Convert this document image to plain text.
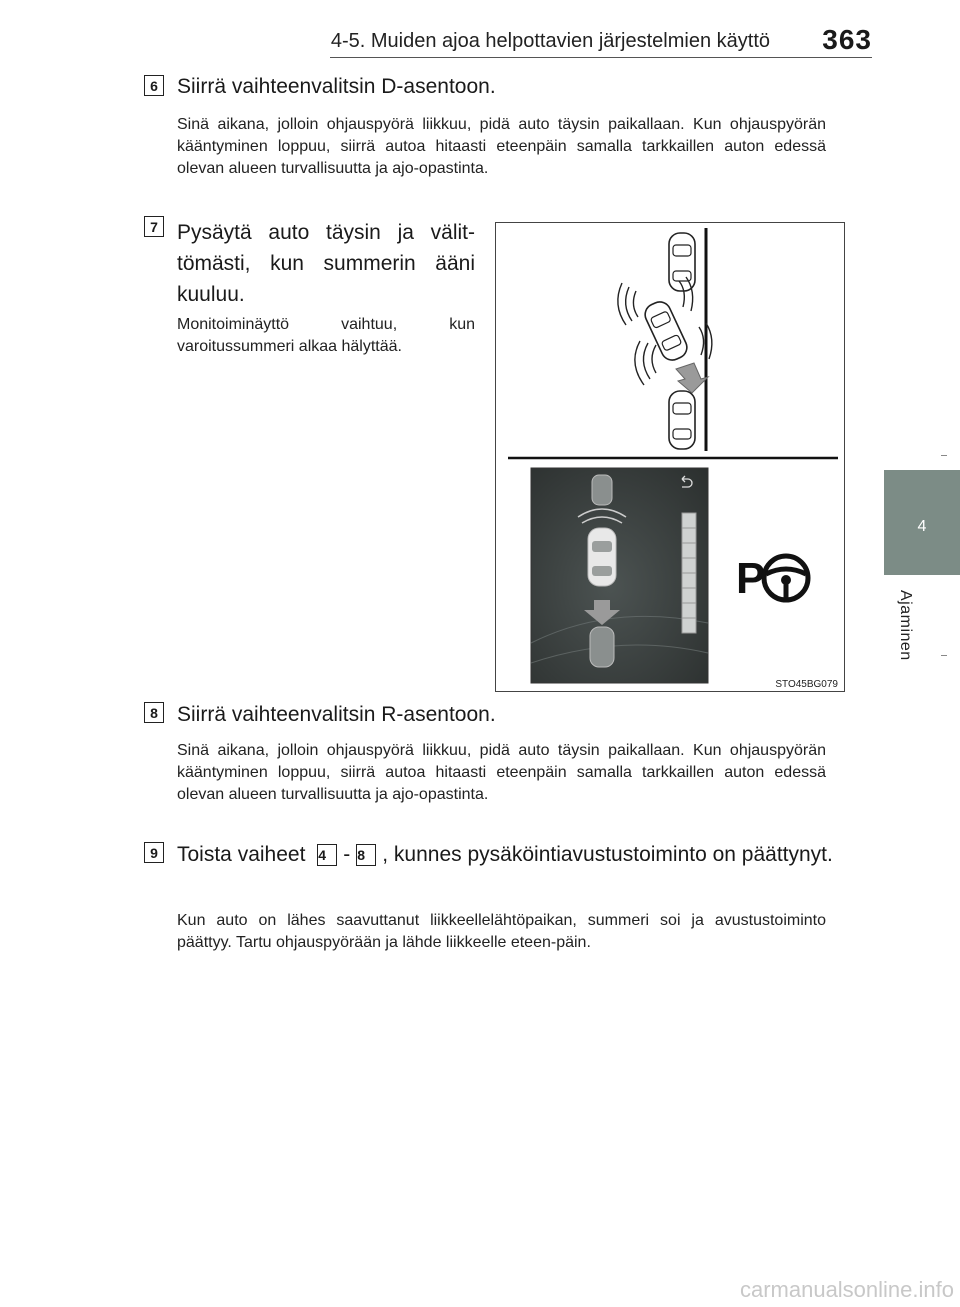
4-5. Muiden ajoa helpottavien järjestelmien käyttö 363
4
Ajaminen
6 Siirrä vaihteenvalitsin D-asentoon.
Sinä aikana, jolloin ohjauspyörä liikkuu, pidä auto täysin paikallaan. Kun ohjauspyörän kääntyminen loppuu, siirrä autoa hitaasti eteenpäin samalla tarkkaillen auton edessä olevan alueen turvallisuutta ja ajo-opastinta.
7 Pysäytä auto täysin ja välittömästi, kun summerin ääni kuuluu.
Monitoiminäyttö vaihtuu, kun varoitussummeri alkaa hälyttää.
P
STO45BG079
8 Siirrä vaihteenvalitsin R-asentoon.
Sinä aikana, jolloin ohjauspyörä liikkuu, pidä auto täysin paikallaan. Kun ohjauspyörän kääntyminen loppuu, siirrä autoa hitaasti eteenpäin samalla tarkkaillen auton edessä olevan alueen turvallisuutta ja ajo-opastinta.
9 Toista vaiheet 4 - 8 , kunnes pysäköintiavustustoiminto on päättynyt.
Kun auto on lähes saavuttanut liikkeellelähtöpaikan, summeri soi ja avustustoiminto päättyy. Tartu ohjauspyörään ja lähde liikkeelle eteen-päin.
carmanualsonline.info
